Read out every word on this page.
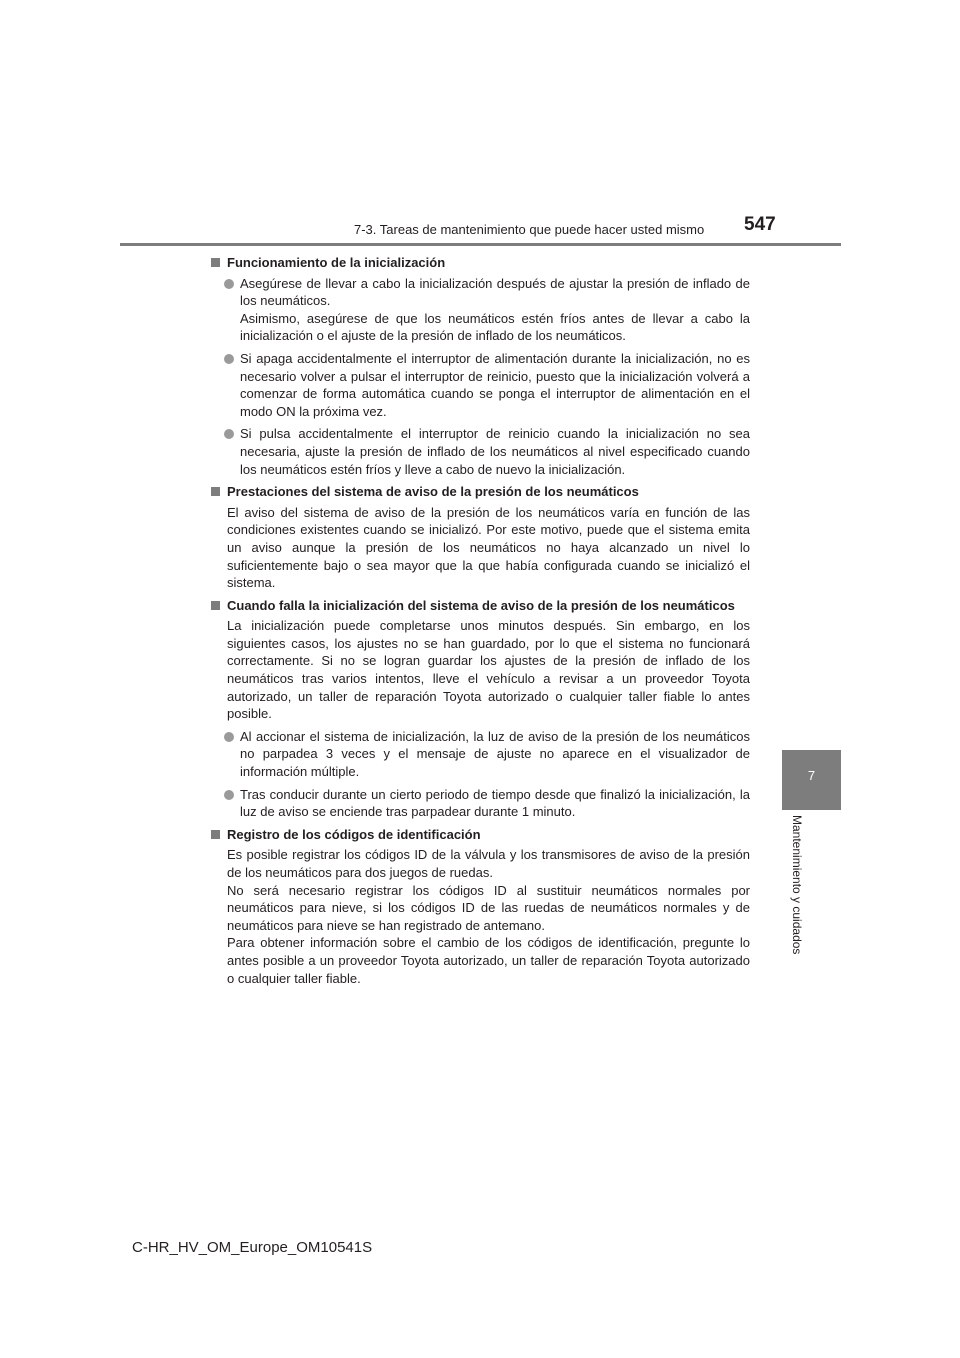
7-3. Tareas de mantenimiento que puede hacer usted mismo 547
7
Mantenimiento y cuidados
Funcionamiento de la inicialización
Asegúrese de llevar a cabo la inicialización después de ajustar la presión de inflado de los neumáticos.
Asimismo, asegúrese de que los neumáticos estén fríos antes de llevar a cabo la inicialización o el ajuste de la presión de inflado de los neumáticos.
Si apaga accidentalmente el interruptor de alimentación durante la inicialización, no es necesario volver a pulsar el interruptor de reinicio, puesto que la inicialización volverá a comenzar de forma automática cuando se ponga el interruptor de alimentación en el modo ON la próxima vez.
Si pulsa accidentalmente el interruptor de reinicio cuando la inicialización no sea necesaria, ajuste la presión de inflado de los neumáticos al nivel especificado cuando los neumáticos estén fríos y lleve a cabo de nuevo la inicialización.
Prestaciones del sistema de aviso de la presión de los neumáticos
El aviso del sistema de aviso de la presión de los neumáticos varía en función de las condiciones existentes cuando se inicializó. Por este motivo, puede que el sistema emita un aviso aunque la presión de los neumáticos no haya alcanzado un nivel lo suficientemente bajo o sea mayor que la que había configurada cuando se inicializó el sistema.
Cuando falla la inicialización del sistema de aviso de la presión de los neumáticos
La inicialización puede completarse unos minutos después. Sin embargo, en los siguientes casos, los ajustes no se han guardado, por lo que el sistema no funcionará correctamente. Si no se logran guardar los ajustes de la presión de inflado de los neumáticos tras varios intentos, lleve el vehículo a revisar a un proveedor Toyota autorizado, un taller de reparación Toyota autorizado o cualquier taller fiable lo antes posible.
Al accionar el sistema de inicialización, la luz de aviso de la presión de los neumáticos no parpadea 3 veces y el mensaje de ajuste no aparece en el visualizador de información múltiple.
Tras conducir durante un cierto periodo de tiempo desde que finalizó la inicialización, la luz de aviso se enciende tras parpadear durante 1 minuto.
Registro de los códigos de identificación
Es posible registrar los códigos ID de la válvula y los transmisores de aviso de la presión de los neumáticos para dos juegos de ruedas.
No será necesario registrar los códigos ID al sustituir neumáticos normales por neumáticos para nieve, si los códigos ID de las ruedas de neumáticos normales y de neumáticos para nieve se han registrado de antemano.
Para obtener información sobre el cambio de los códigos de identificación, pregunte lo antes posible a un proveedor Toyota autorizado, un taller de reparación Toyota autorizado o cualquier taller fiable.
C-HR_HV_OM_Europe_OM10541S
